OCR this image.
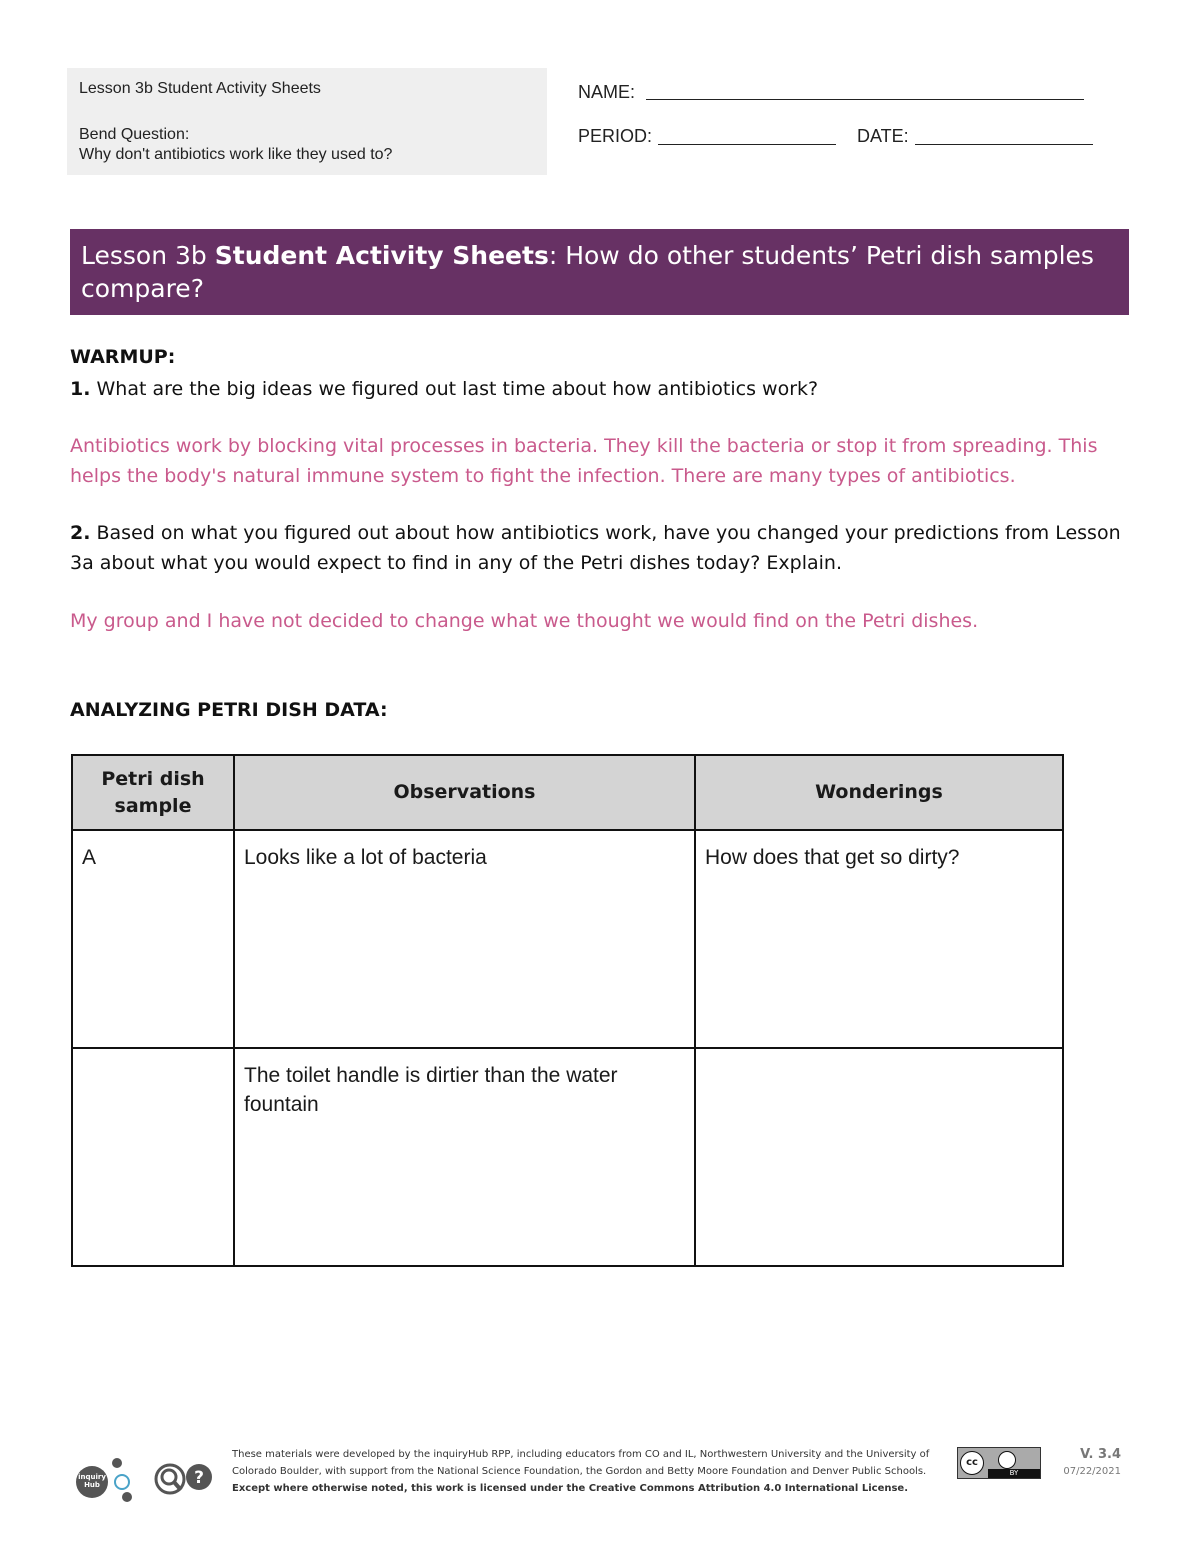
Lesson 3b Student Activity Sheets
Bend Question:
Why don't antibiotics work like they used to?
NAME:
PERIOD:	DATE:
Lesson 3b Student Activity Sheets: How do other students’ Petri dish samples compare?
WARMUP:
1. What are the big ideas we figured out last time about how antibiotics work?
Antibiotics work by blocking vital processes in bacteria. They kill the bacteria or stop it from spreading. This helps the body's natural immune system to fight the infection. There are many types of antibiotics.
2. Based on what you figured out about how antibiotics work, have you changed your predictions from Lesson 3a about what you would expect to find in any of the Petri dishes today? Explain.
My group and I have not decided to change what we thought we would find on the Petri dishes.
ANALYZING PETRI DISH DATA:
Petri dish sample	Observations	Wonderings
A	Looks like a lot of bacteria	How does that get so dirty?
	The toilet handle is dirtier than the water fountain	
inquiry Hub	?
These materials were developed by the inquiryHub RPP, including educators from CO and IL, Northwestern University and the University of Colorado Boulder, with support from the National Science Foundation, the Gordon and Betty Moore Foundation and Denver Public Schools. Except where otherwise noted, this work is licensed under the Creative Commons Attribution 4.0 International License.
cc
BY
V. 3.4
07/22/2021
